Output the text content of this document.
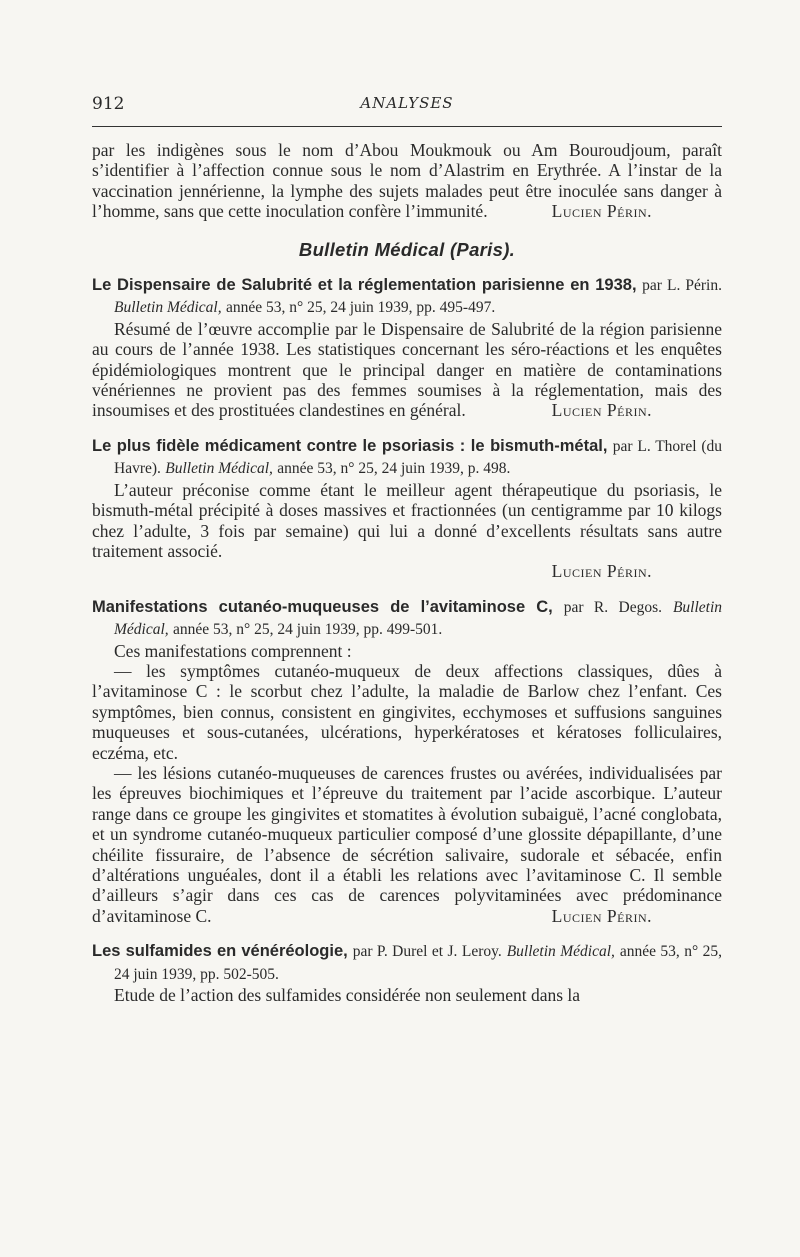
912	ANALYSES

par les indigènes sous le nom d’Abou Moukmouk ou Am Bouroudjoum, paraît s’identifier à l’affection connue sous le nom d’Alastrim en Erythrée. A l’instar de la vaccination jennérienne, la lymphe des sujets malades peut être inoculée sans danger à l’homme, sans que cette inoculation confère l’immunité.	Lucien Périn.

Bulletin Médical (Paris).

Le Dispensaire de Salubrité et la réglementation parisienne en 1938, par L. Périn. Bulletin Médical, année 53, n° 25, 24 juin 1939, pp. 495-497.

Résumé de l’œuvre accomplie par le Dispensaire de Salubrité de la région parisienne au cours de l’année 1938. Les statistiques concernant les séro-réactions et les enquêtes épidémiologiques montrent que le principal danger en matière de contaminations vénériennes ne provient pas des femmes soumises à la réglementation, mais des insoumises et des prostituées clandestines en général.	Lucien Périn.

Le plus fidèle médicament contre le psoriasis : le bismuth-métal, par L. Thorel (du Havre). Bulletin Médical, année 53, n° 25, 24 juin 1939, p. 498.

L’auteur préconise comme étant le meilleur agent thérapeutique du psoriasis, le bismuth-métal précipité à doses massives et fractionnées (un centigramme par 10 kilogs chez l’adulte, 3 fois par semaine) qui lui a donné d’excellents résultats sans autre traitement associé.

Lucien Périn.

Manifestations cutanéo-muqueuses de l’avitaminose C, par R. Degos. Bulletin Médical, année 53, n° 25, 24 juin 1939, pp. 499-501.

Ces manifestations comprennent :

— les symptômes cutanéo-muqueux de deux affections classiques, dûes à l’avitaminose C : le scorbut chez l’adulte, la maladie de Barlow chez l’enfant. Ces symptômes, bien connus, consistent en gingivites, ecchymoses et suffusions sanguines muqueuses et sous-cutanées, ulcérations, hyperkératoses et kératoses folliculaires, eczéma, etc.

— les lésions cutanéo-muqueuses de carences frustes ou avérées, individualisées par les épreuves biochimiques et l’épreuve du traitement par l’acide ascorbique. L’auteur range dans ce groupe les gingivites et stomatites à évolution subaiguë, l’acné conglobata, et un syndrome cutanéo-muqueux particulier composé d’une glossite dépapillante, d’une chéilite fissuraire, de l’absence de sécrétion salivaire, sudorale et sébacée, enfin d’altérations unguéales, dont il a établi les relations avec l’avitaminose C. Il semble d’ailleurs s’agir dans ces cas de carences polyvitaminées avec prédominance d’avitaminose C.	Lucien Périn.

Les sulfamides en vénéréologie, par P. Durel et J. Leroy. Bulletin Médical, année 53, n° 25, 24 juin 1939, pp. 502-505.

Etude de l’action des sulfamides considérée non seulement dans la
